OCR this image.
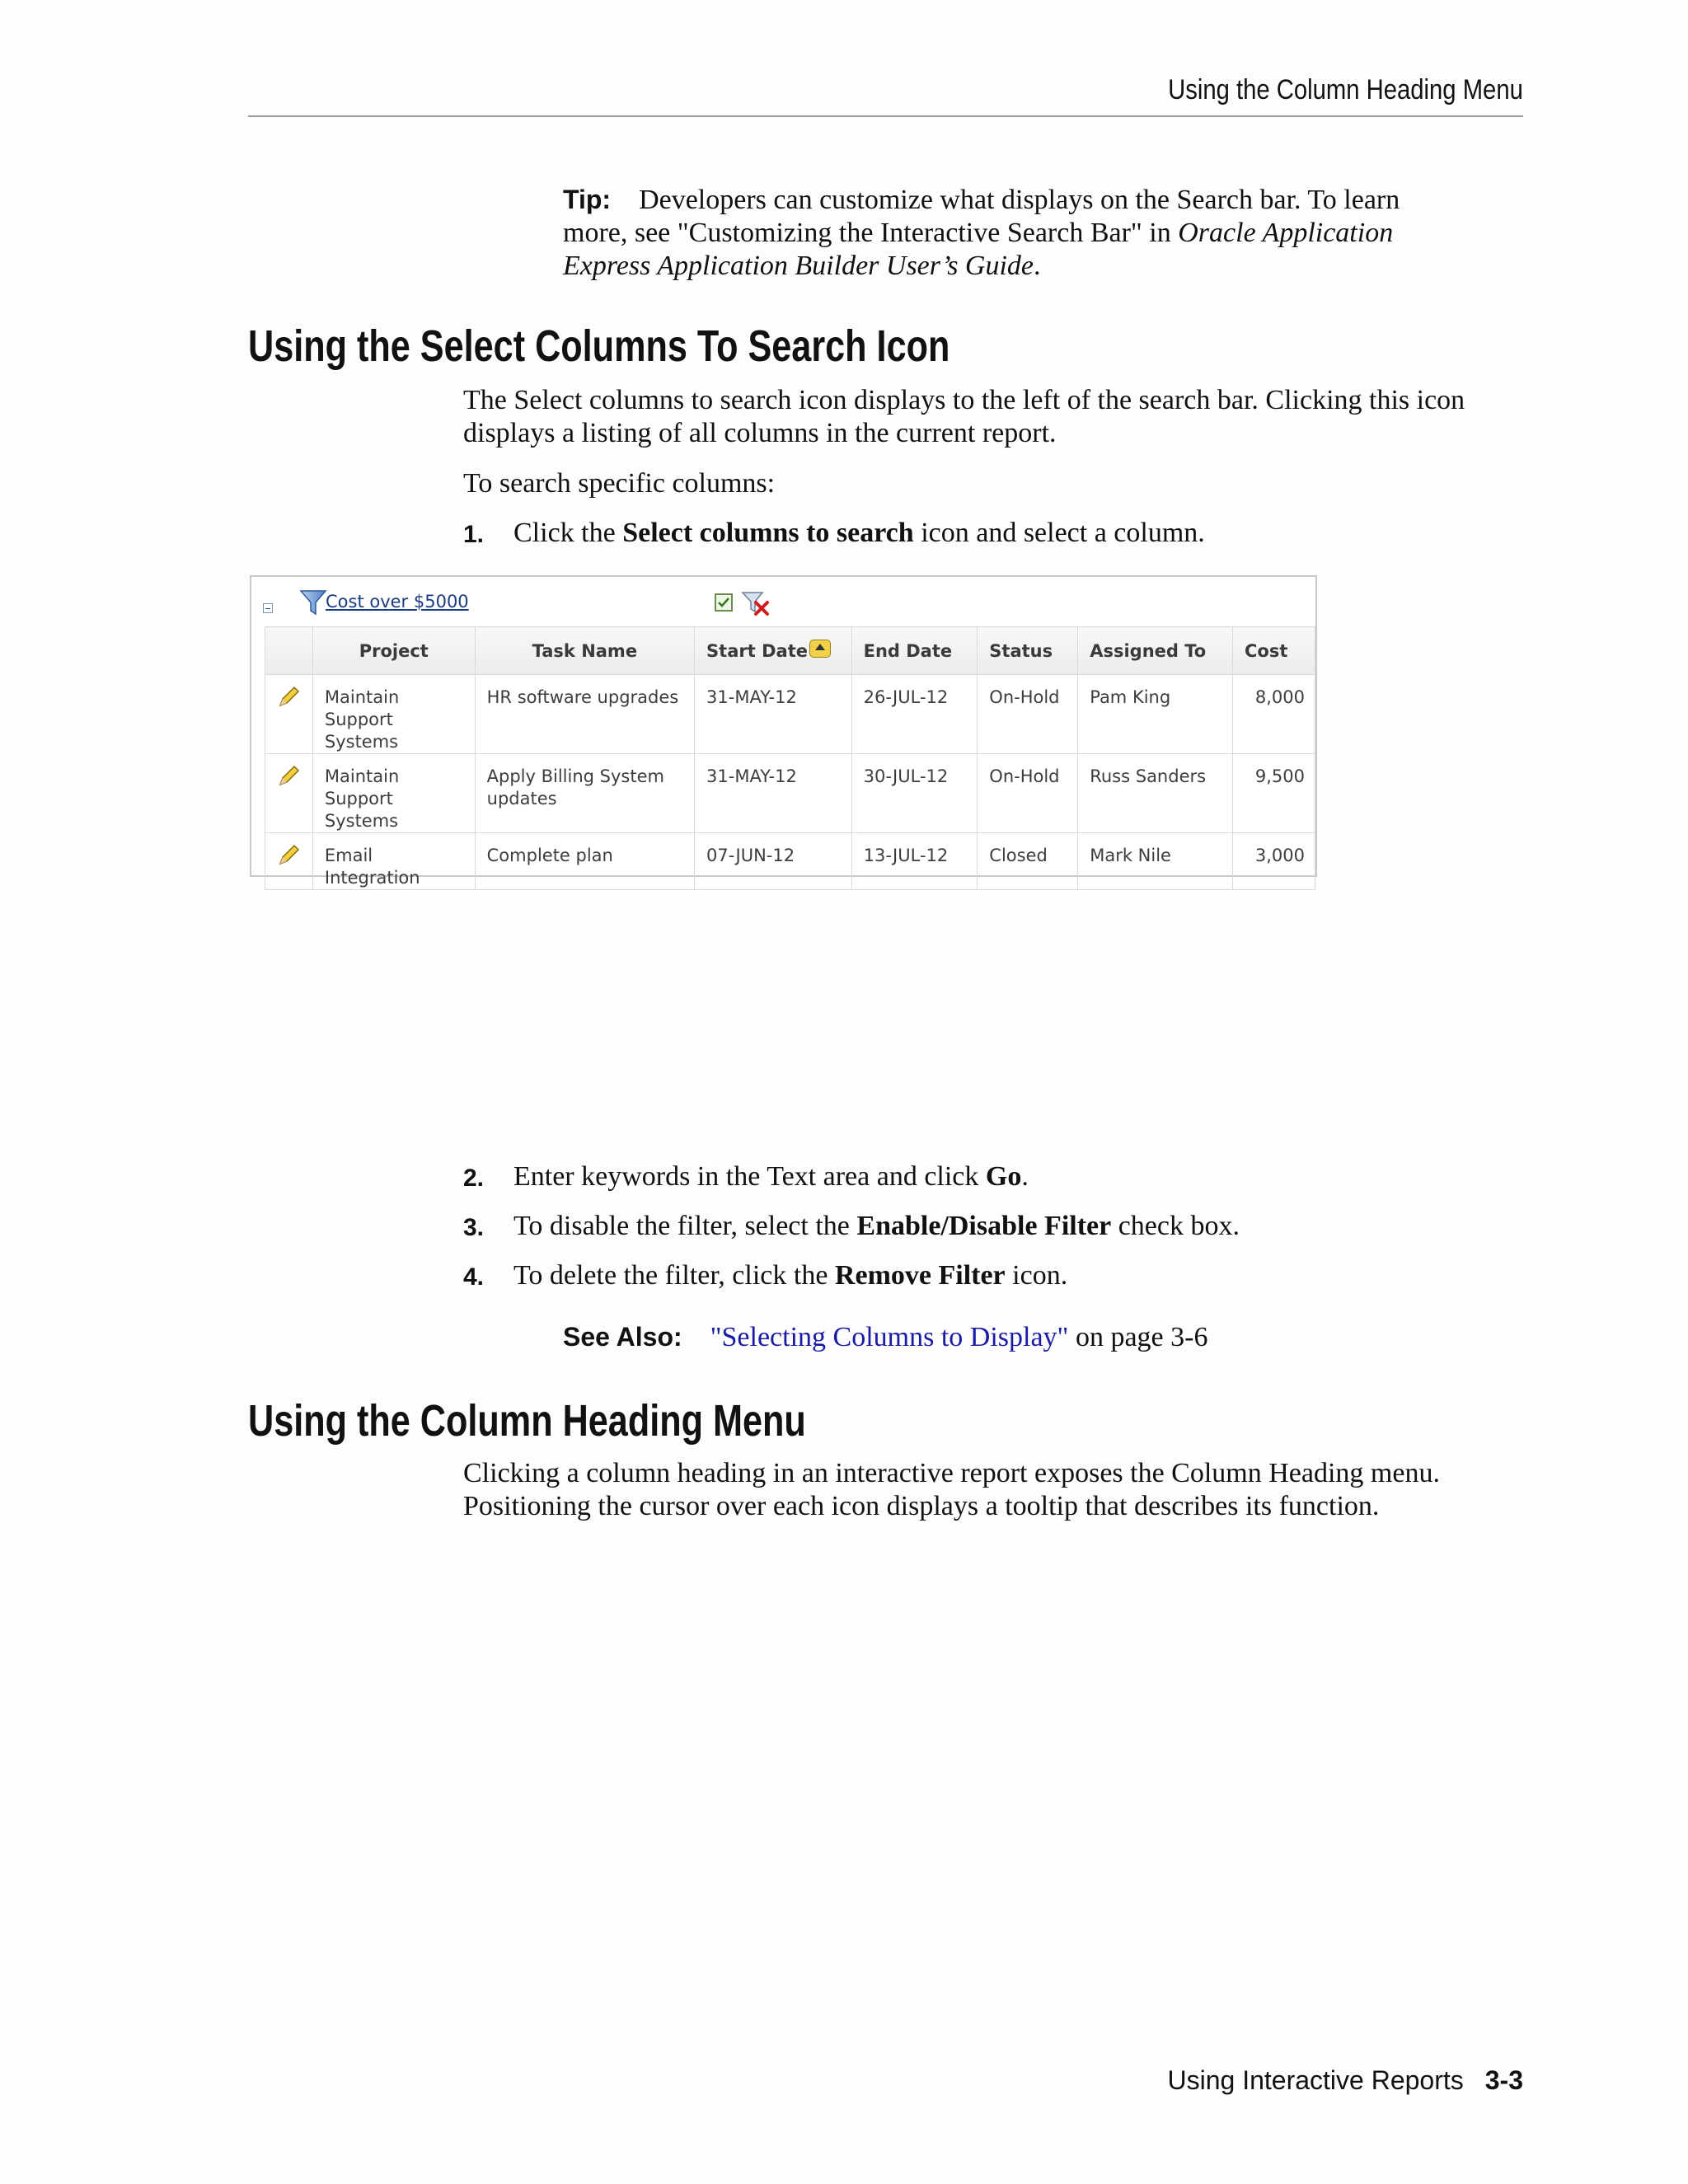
Using the Column Heading Menu
Tip: Developers can customize what displays on the Search bar. To learn more, see "Customizing the Interactive Search Bar" in Oracle Application Express Application Builder User’s Guide.
Using the Select Columns To Search Icon
The Select columns to search icon displays to the left of the search bar. Clicking this icon displays a listing of all columns in the current report.
To search specific columns:
1. Click the Select columns to search icon and select a column.
Cost over $5000

	Project	Task Name	Start Date	End Date	Status	Assigned To	Cost

Maintain Support Systems	HR software upgrades	31-MAY-12	26-JUL-12	On-Hold	Pam King	8,000

Maintain Support Systems	Apply Billing System updates	31-MAY-12	30-JUL-12	On-Hold	Russ Sanders	9,500

Email Integration	Complete plan	07-JUN-12	13-JUL-12	Closed	Mark Nile	3,000
2. Enter keywords in the Text area and click Go.
3. To disable the filter, select the Enable/Disable Filter check box.
4. To delete the filter, click the Remove Filter icon.
See Also: "Selecting Columns to Display" on page 3-6
Using the Column Heading Menu
Clicking a column heading in an interactive report exposes the Column Heading menu. Positioning the cursor over each icon displays a tooltip that describes its function.
Using Interactive Reports 3-3
